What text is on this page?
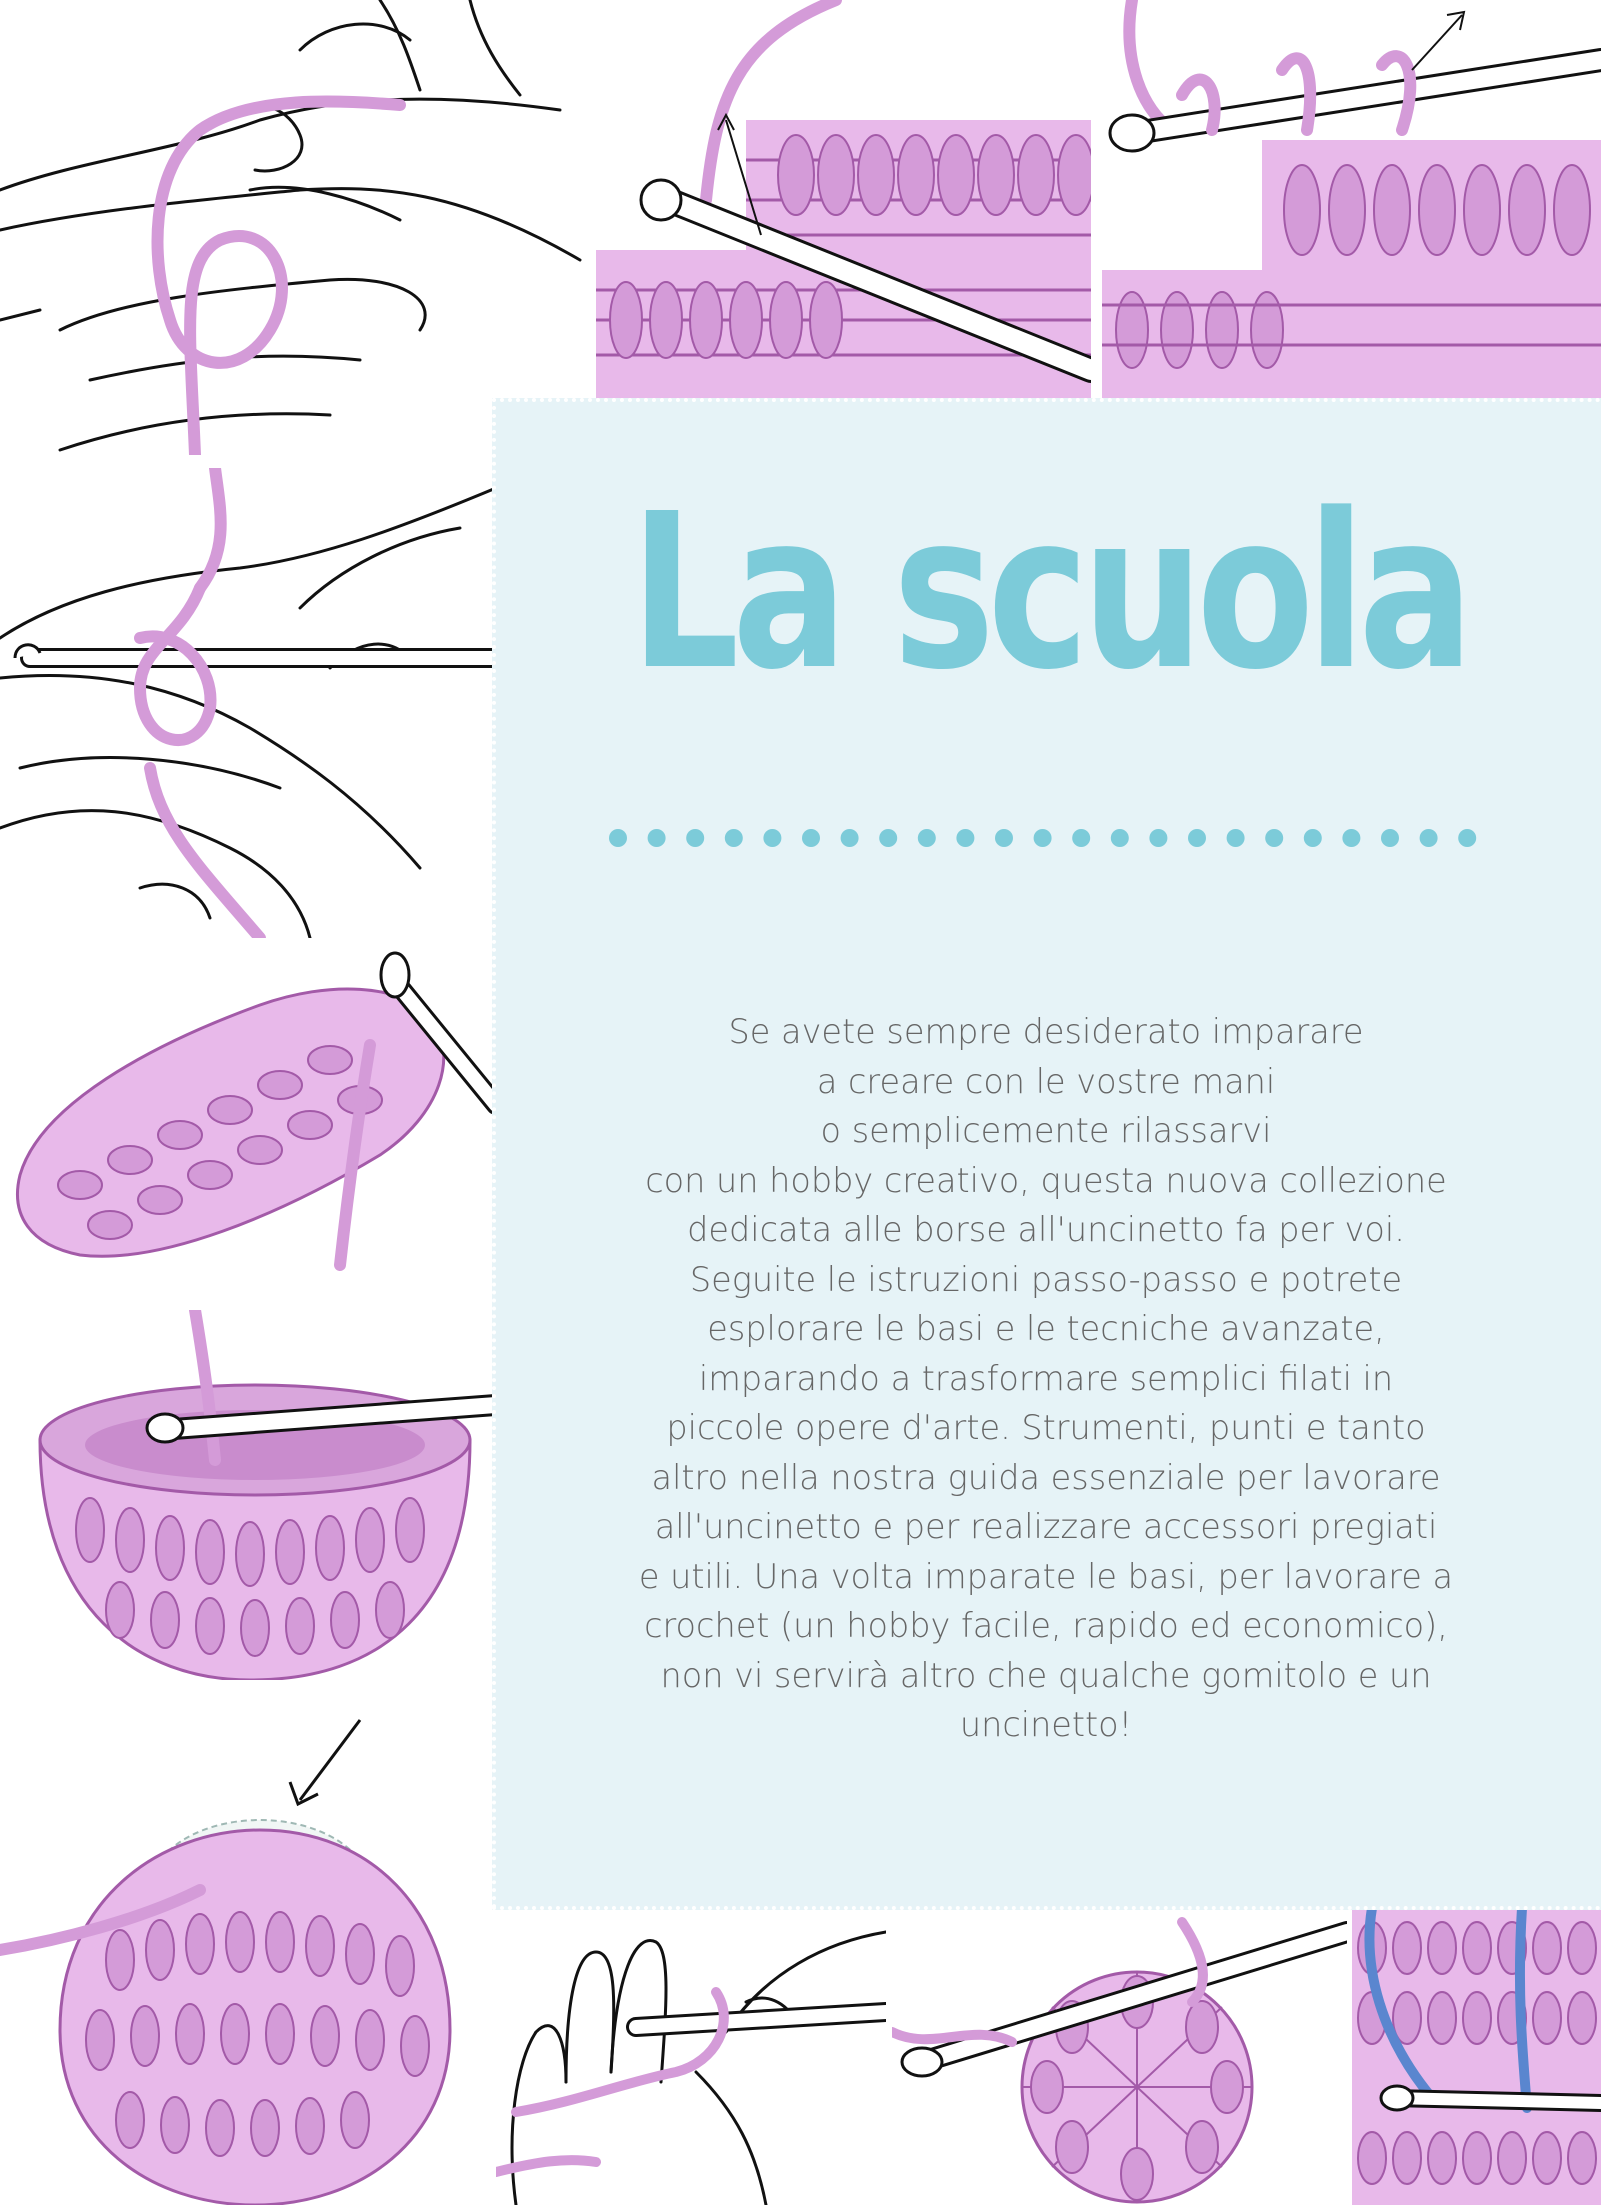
La scuola
Se avete sempre desiderato imparare
a creare con le vostre mani
o semplicemente rilassarvi
con un hobby creativo, questa nuova collezione
dedicata alle borse all'uncinetto fa per voi.
Seguite le istruzioni passo-passo e potrete
esplorare le basi e le tecniche avanzate,
imparando a trasformare semplici filati in
piccole opere d'arte. Strumenti, punti e tanto
altro nella nostra guida essenziale per lavorare
all'uncinetto e per realizzare accessori pregiati
e utili. Una volta imparate le basi, per lavorare a
crochet (un hobby facile, rapido ed economico),
non vi servirà altro che qualche gomitolo e un
uncinetto!
